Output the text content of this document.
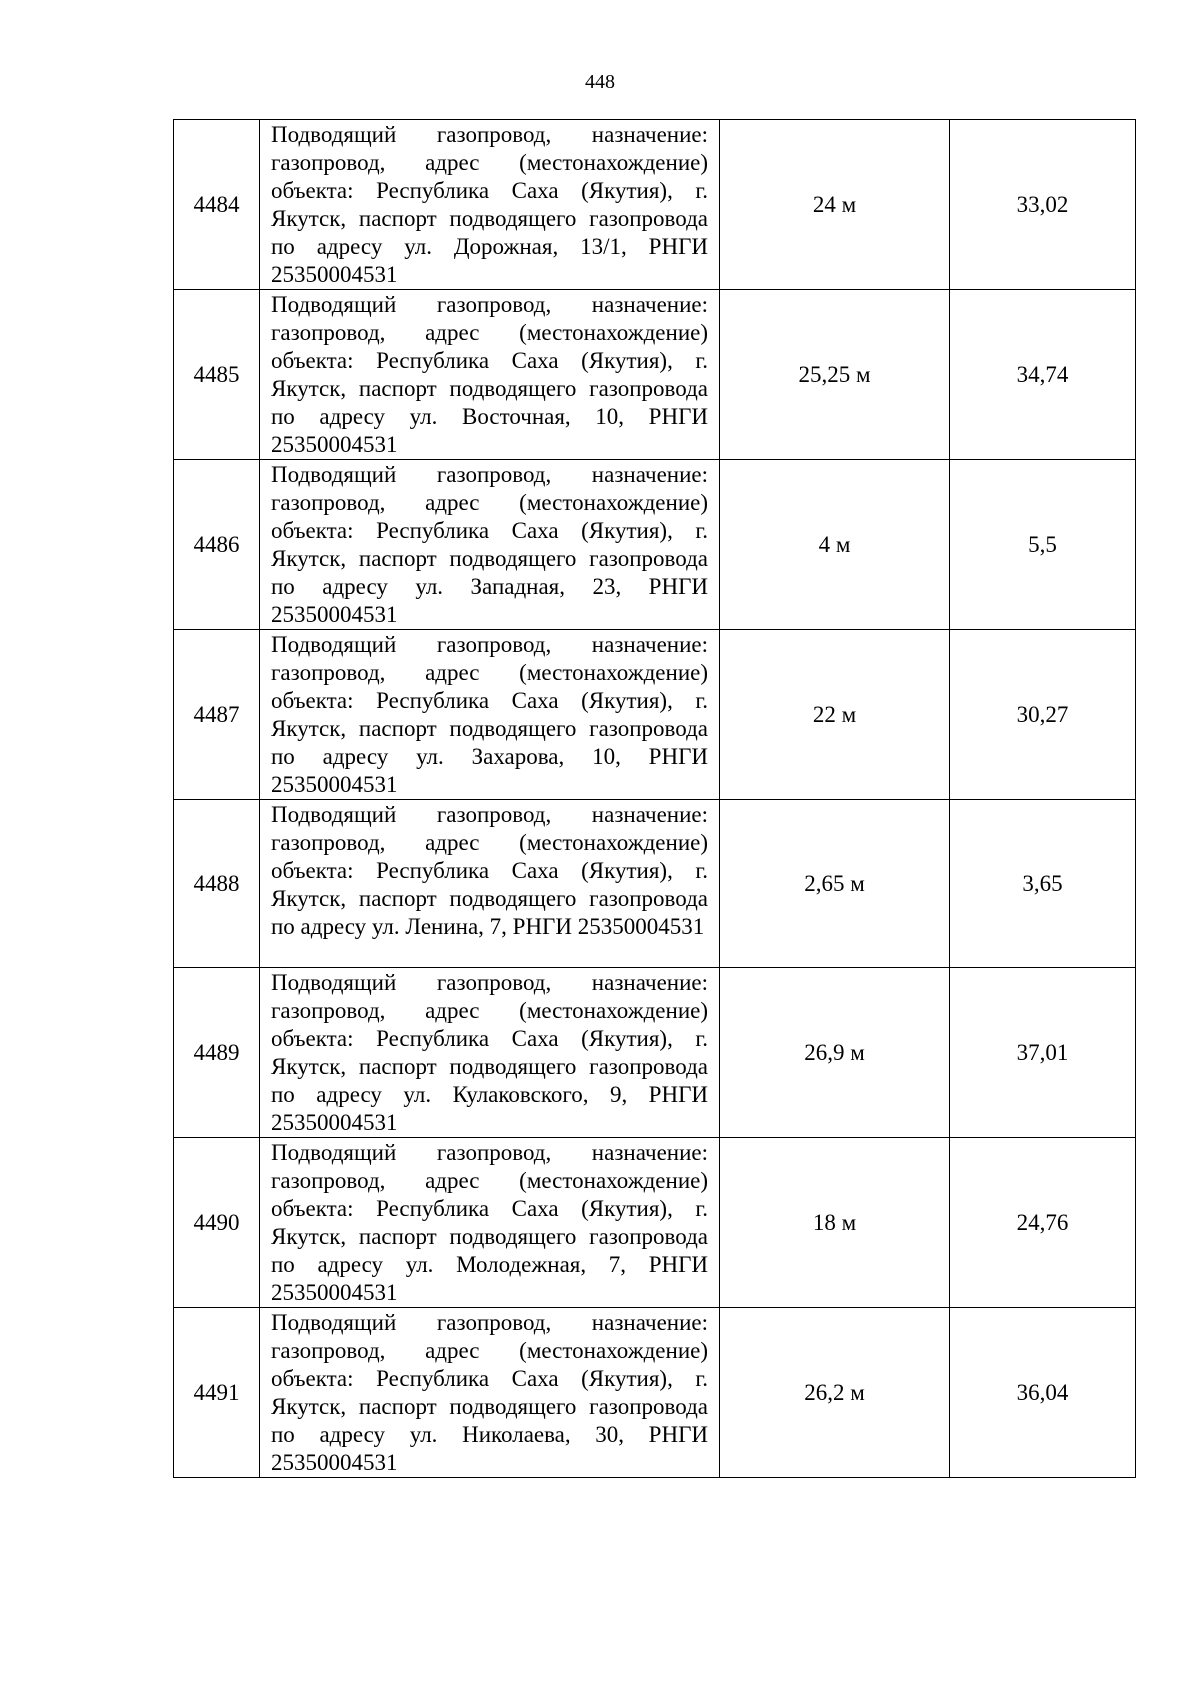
448
4484	Подводящий газопровод, назначение: газопровод, адрес (местонахождение) объекта: Республика Саха (Якутия), г. Якутск, паспорт подводящего газопровода по адресу ул. Дорожная, 13/1, РНГИ 25350004531	24 м	33,02
4485	Подводящий газопровод, назначение: газопровод, адрес (местонахождение) объекта: Республика Саха (Якутия), г. Якутск, паспорт подводящего газопровода по адресу ул. Восточная, 10, РНГИ 25350004531	25,25 м	34,74
4486	Подводящий газопровод, назначение: газопровод, адрес (местонахождение) объекта: Республика Саха (Якутия), г. Якутск, паспорт подводящего газопровода по адресу ул. Западная, 23, РНГИ 25350004531	4 м	5,5
4487	Подводящий газопровод, назначение: газопровод, адрес (местонахождение) объекта: Республика Саха (Якутия), г. Якутск, паспорт подводящего газопровода по адресу ул. Захарова, 10, РНГИ 25350004531	22 м	30,27
4488	Подводящий газопровод, назначение: газопровод, адрес (местонахождение) объекта: Республика Саха (Якутия), г. Якутск, паспорт подводящего газопровода по адресу ул. Ленина, 7, РНГИ 25350004531	2,65 м	3,65
4489	Подводящий газопровод, назначение: газопровод, адрес (местонахождение) объекта: Республика Саха (Якутия), г. Якутск, паспорт подводящего газопровода по адресу ул. Кулаковского, 9, РНГИ 25350004531	26,9 м	37,01
4490	Подводящий газопровод, назначение: газопровод, адрес (местонахождение) объекта: Республика Саха (Якутия), г. Якутск, паспорт подводящего газопровода по адресу ул. Молодежная, 7, РНГИ 25350004531	18 м	24,76
4491	Подводящий газопровод, назначение: газопровод, адрес (местонахождение) объекта: Республика Саха (Якутия), г. Якутск, паспорт подводящего газопровода по адресу ул. Николаева, 30, РНГИ 25350004531	26,2 м	36,04
